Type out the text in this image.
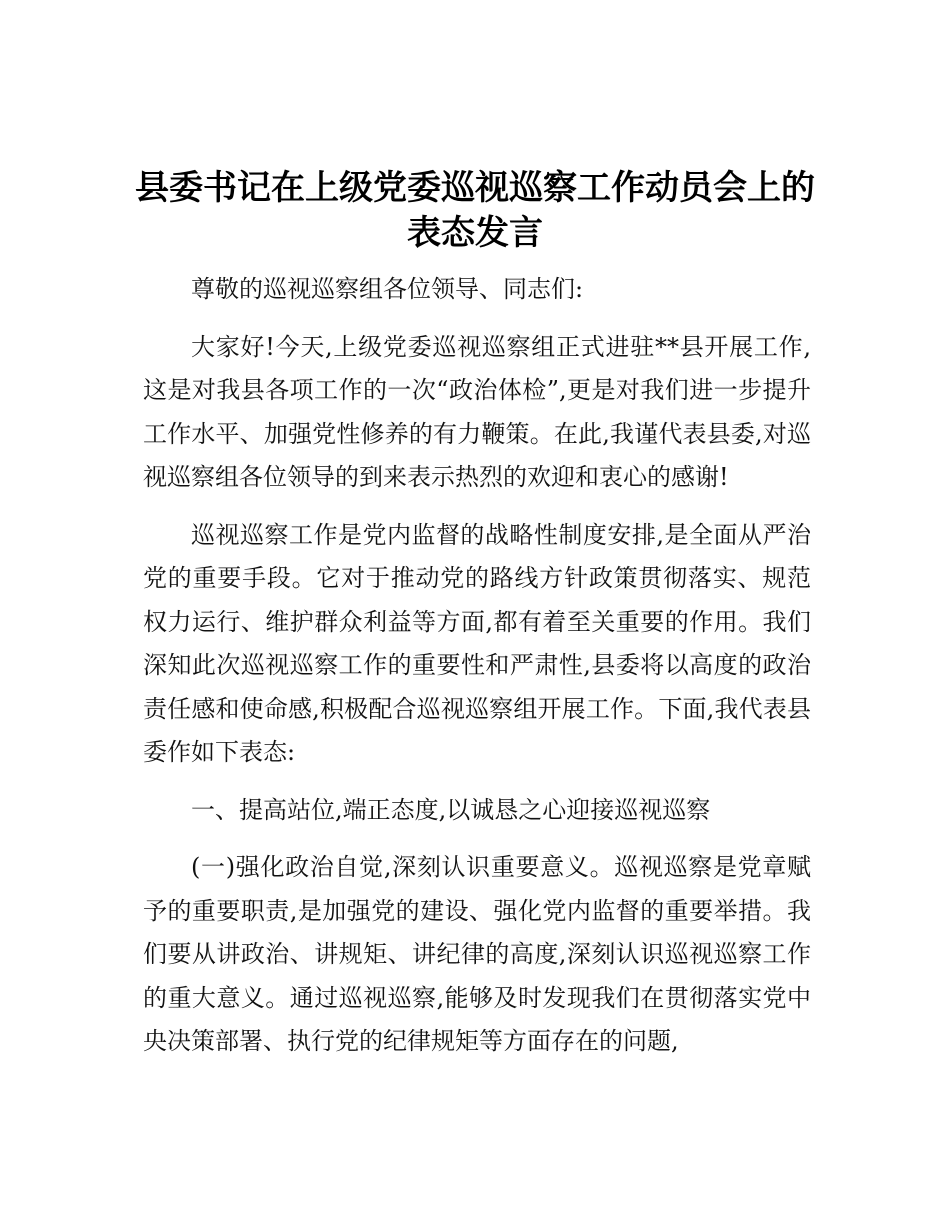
县委书记在上级党委巡视巡察工作动员会上的
表态发言

尊敬的巡视巡察组各位领导、同志们:

大家好!今天,上级党委巡视巡察组正式进驻**县开展工作,这是对我县各项工作的一次“政治体检”,更是对我们进一步提升工作水平、加强党性修养的有力鞭策。在此,我谨代表县委,对巡视巡察组各位领导的到来表示热烈的欢迎和衷心的感谢!

巡视巡察工作是党内监督的战略性制度安排,是全面从严治党的重要手段。它对于推动党的路线方针政策贯彻落实、规范权力运行、维护群众利益等方面,都有着至关重要的作用。我们深知此次巡视巡察工作的重要性和严肃性,县委将以高度的政治责任感和使命感,积极配合巡视巡察组开展工作。下面,我代表县委作如下表态:

一、提高站位,端正态度,以诚恳之心迎接巡视巡察

(一)强化政治自觉,深刻认识重要意义。巡视巡察是党章赋予的重要职责,是加强党的建设、强化党内监督的重要举措。我们要从讲政治、讲规矩、讲纪律的高度,深刻认识巡视巡察工作的重大意义。通过巡视巡察,能够及时发现我们在贯彻落实党中央决策部署、执行党的纪律规矩等方面存在的问题,
